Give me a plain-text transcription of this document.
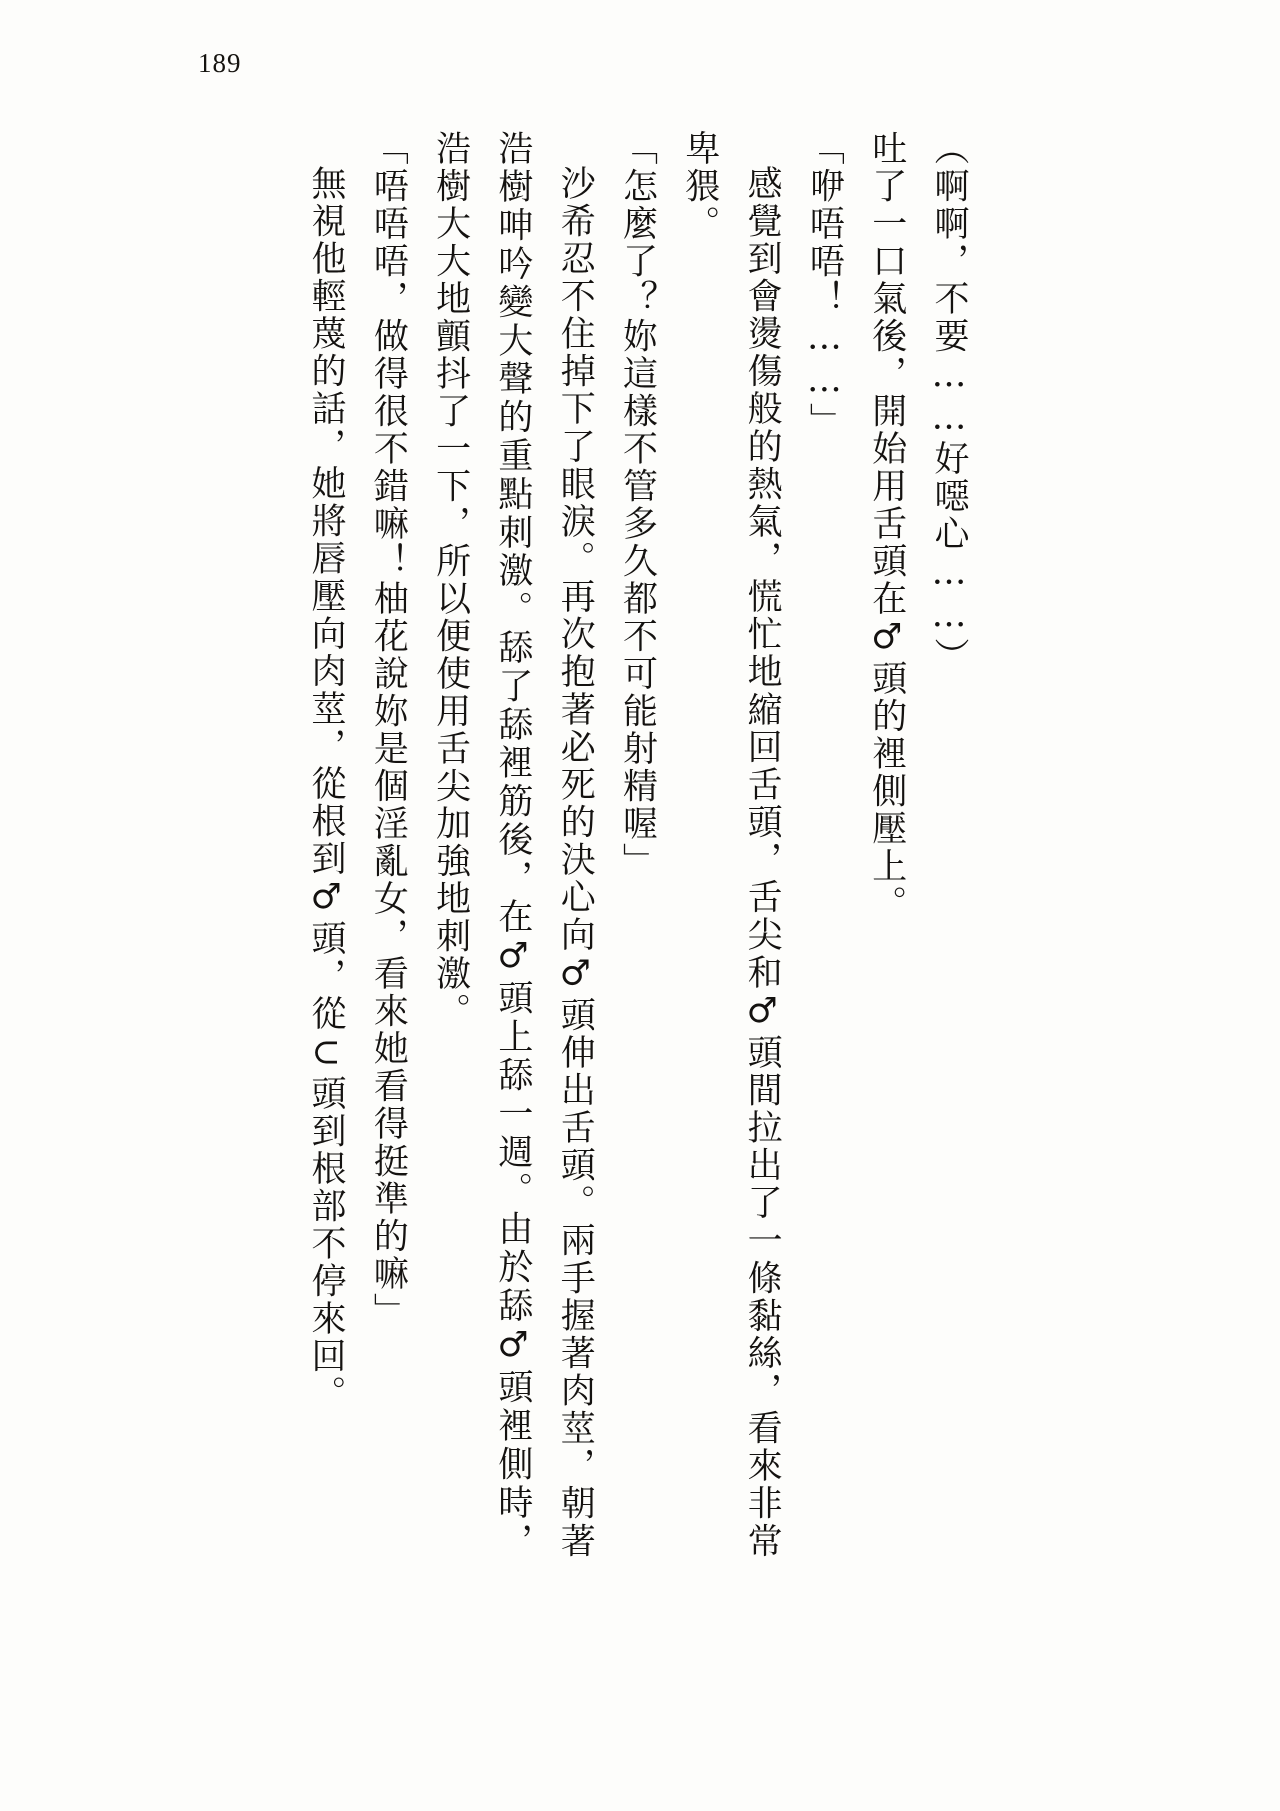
189

（啊啊，不要……好噁心……）

吐了一口氣後，開始用舌頭在♂頭的裡側壓上。

「咿唔唔！……」

感覺到會燙傷般的熱氣，慌忙地縮回舌頭，舌尖和♂頭間拉出了一條黏絲，看來非常卑猥。

「怎麼了？妳這樣不管多久都不可能射精喔」

沙希忍不住掉下了眼淚。再次抱著必死的決心向♂頭伸出舌頭。兩手握著肉莖，朝著浩樹呻吟變大聲的重點刺激。舔了舔裡筋後，在♂頭上舔一週。由於舔♂頭裡側時，浩樹大大地顫抖了一下，所以便使用舌尖加強地刺激。

「唔唔唔，做得很不錯嘛！柚花說妳是個淫亂女，看來她看得挺準的嘛」

無視他輕蔑的話，她將唇壓向肉莖，從根到♂頭，從⊂頭到根部不停來回。
